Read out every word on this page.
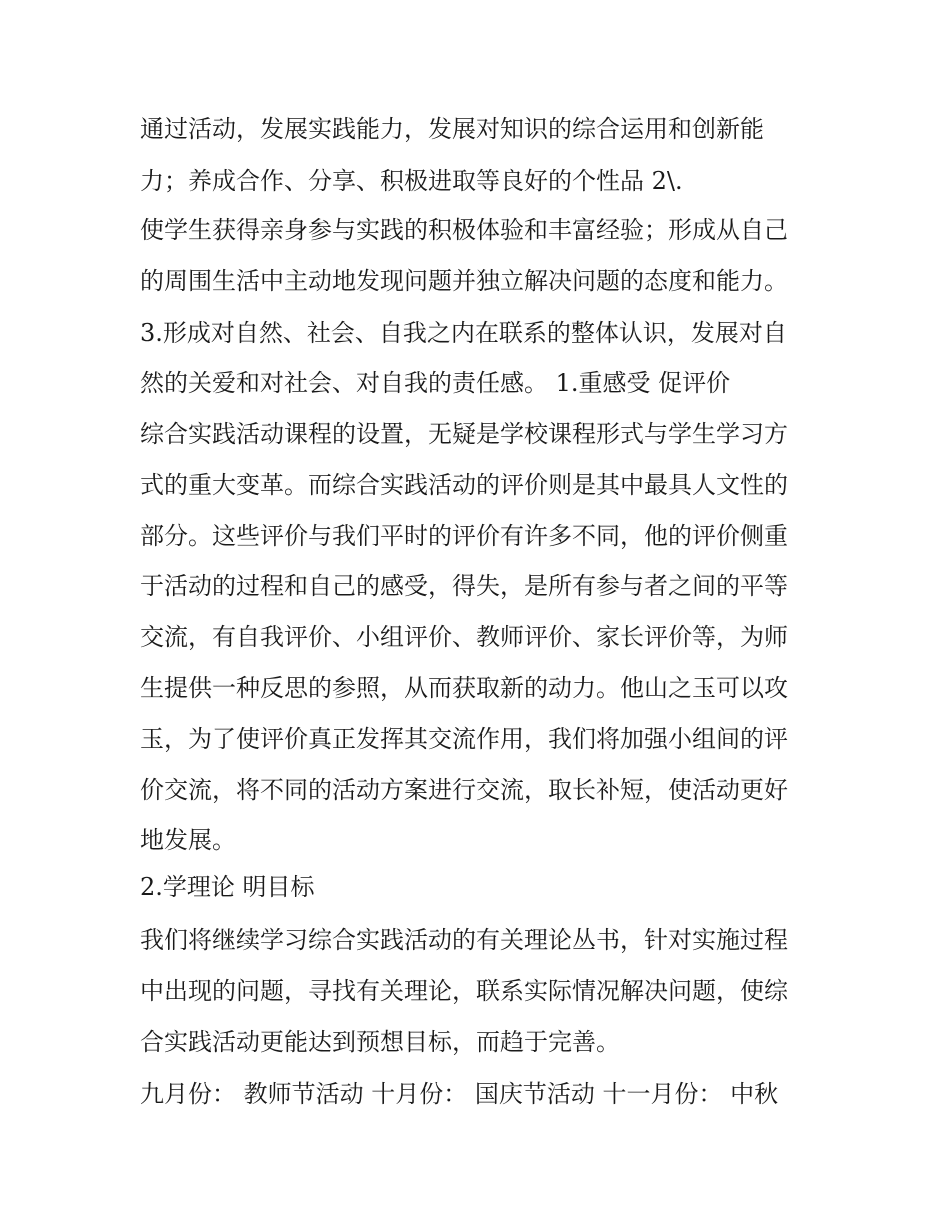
通过活动，发展实践能力，发展对知识的综合运用和创新能
力；养成合作、分享、积极进取等良好的个性品 2\.
使学生获得亲身参与实践的积极体验和丰富经验；形成从自己
的周围生活中主动地发现问题并独立解决问题的态度和能力。
3.形成对自然、社会、自我之内在联系的整体认识，发展对自
然的关爱和对社会、对自我的责任感。 1.重感受 促评价
综合实践活动课程的设置，无疑是学校课程形式与学生学习方
式的重大变革。而综合实践活动的评价则是其中最具人文性的
部分。这些评价与我们平时的评价有许多不同，他的评价侧重
于活动的过程和自己的感受，得失，是所有参与者之间的平等
交流，有自我评价、小组评价、教师评价、家长评价等，为师
生提供一种反思的参照，从而获取新的动力。他山之玉可以攻
玉，为了使评价真正发挥其交流作用，我们将加强小组间的评
价交流，将不同的活动方案进行交流，取长补短，使活动更好
地发展。
2.学理论 明目标
我们将继续学习综合实践活动的有关理论丛书，针对实施过程
中出现的问题，寻找有关理论，联系实际情况解决问题，使综
合实践活动更能达到预想目标，而趋于完善。
九月份： 教师节活动 十月份： 国庆节活动 十一月份： 中秋
